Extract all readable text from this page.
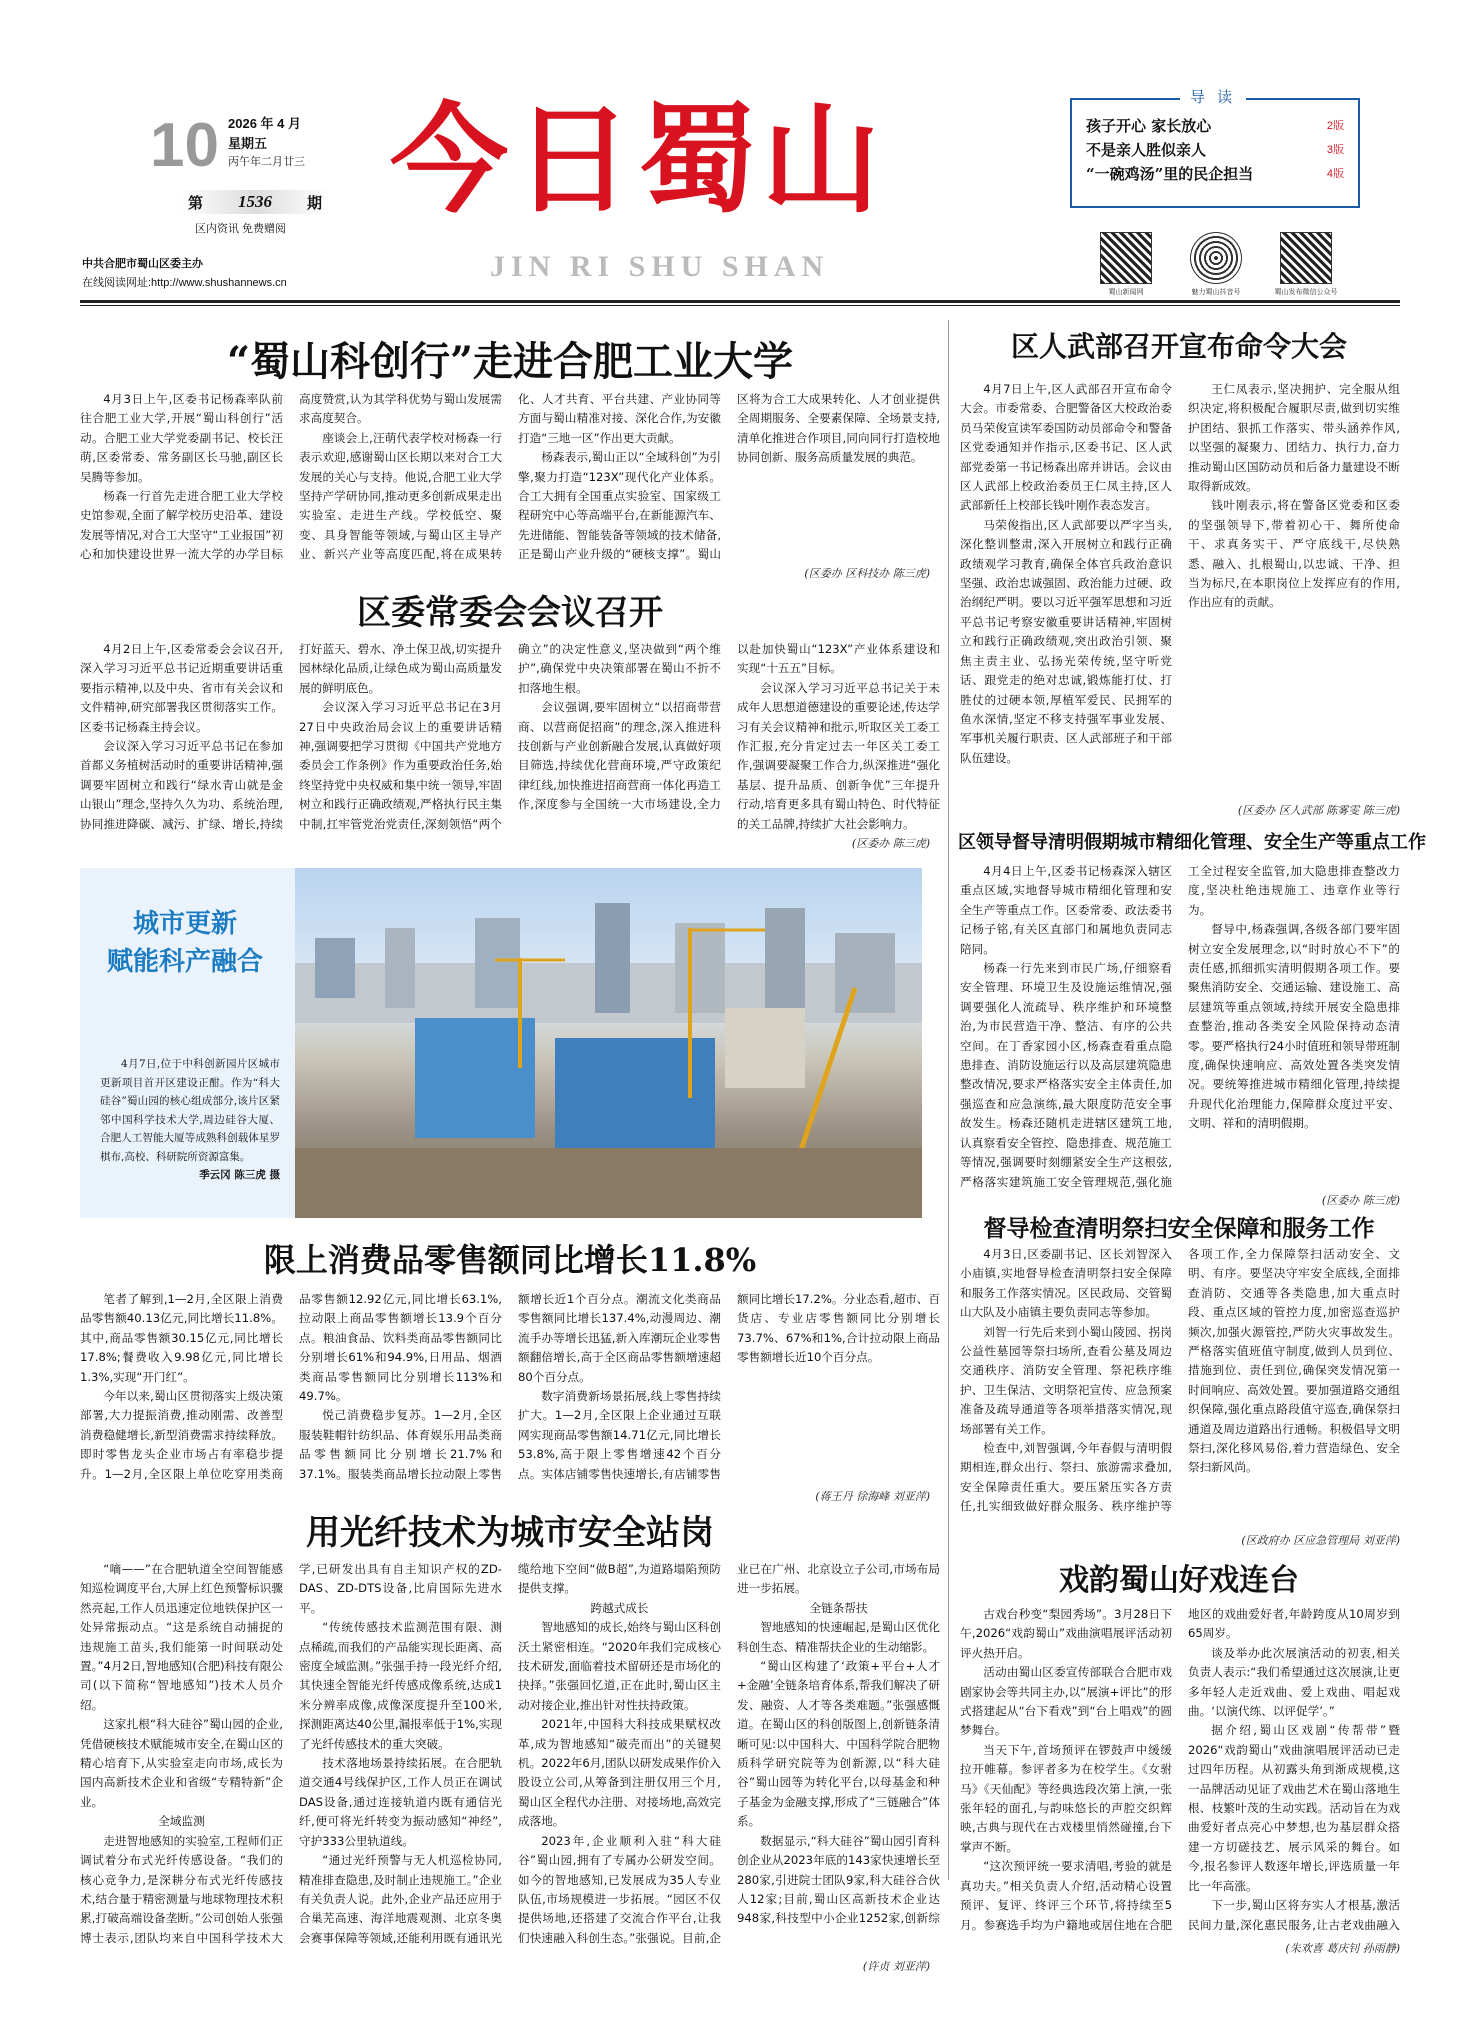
10 2026 年 4 月
星期五
丙午年二月廿三
第 1536 期
区内资讯 免费赠阅
中共合肥市蜀山区委主办
在线阅读网址:http://www.shushannews.cn
今日蜀山
JIN RI SHU SHAN
孩子开心 家长放心	2版
不是亲人胜似亲人	3版
“一碗鸡汤”里的民企担当	4版
导 读
蜀山新闻网	魅力蜀山抖音号	蜀山发布微信公众号
“蜀山科创行”走进合肥工业大学

4月3日上午,区委书记杨森率队前往合肥工业大学,开展“蜀山科创行”活动。合肥工业大学党委副书记、校长汪萌,区委常委、常务副区长马驰,副区长吴腾等参加。

杨森一行首先走进合肥工业大学校史馆参观,全面了解学校历史沿革、建设发展等情况,对合工大坚守“工业报国”初心和加快建设世界一流大学的办学目标高度赞赏,认为其学科优势与蜀山发展需求高度契合。

座谈会上,汪萌代表学校对杨森一行表示欢迎,感谢蜀山区长期以来对合工大发展的关心与支持。他说,合肥工业大学坚持产学研协同,推动更多创新成果走出实验室、走进生产线。学校低空、聚变、具身智能等领域,与蜀山区主导产业、新兴产业等高度匹配,将在成果转化、人才共育、平台共建、产业协同等方面与蜀山精准对接、深化合作,为安徽打造“三地一区”作出更大贡献。

杨森表示,蜀山正以“全域科创”为引擎,聚力打造“123X”现代化产业体系。合工大拥有全国重点实验室、国家级工程研究中心等高端平台,在新能源汽车、先进储能、智能装备等领域的技术储备,正是蜀山产业升级的“硬核支撑”。蜀山区将为合工大成果转化、人才创业提供全周期服务、全要素保障、全场景支持,清单化推进合作项目,同向同行打造校地协同创新、服务高质量发展的典范。

(区委办 区科技办 陈三虎)
区委常委会会议召开

4月2日上午,区委常委会会议召开,深入学习习近平总书记近期重要讲话重要指示精神,以及中央、省市有关会议和文件精神,研究部署我区贯彻落实工作。区委书记杨森主持会议。

会议深入学习习近平总书记在参加首都义务植树活动时的重要讲话精神,强调要牢固树立和践行“绿水青山就是金山银山”理念,坚持久久为功、系统治理,协同推进降碳、减污、扩绿、增长,持续打好蓝天、碧水、净土保卫战,切实提升园林绿化品质,让绿色成为蜀山高质量发展的鲜明底色。

会议深入学习习近平总书记在3月27日中央政治局会议上的重要讲话精神,强调要把学习贯彻《中国共产党地方委员会工作条例》作为重要政治任务,始终坚持党中央权威和集中统一领导,牢固树立和践行正确政绩观,严格执行民主集中制,扛牢管党治党责任,深刻领悟“两个确立”的决定性意义,坚决做到“两个维护”,确保党中央决策部署在蜀山不折不扣落地生根。

会议强调,要牢固树立“以招商带营商、以营商促招商”的理念,深入推进科技创新与产业创新融合发展,认真做好项目筛选,持续优化营商环境,严守政策纪律红线,加快推进招商营商一体化再造工作,深度参与全国统一大市场建设,全力以赴加快蜀山“123X”产业体系建设和实现“十五五”目标。

会议深入学习习近平总书记关于未成年人思想道德建设的重要论述,传达学习有关会议精神和批示,听取区关工委工作汇报,充分肯定过去一年区关工委工作,强调要凝聚工作合力,纵深推进“强化基层、提升品质、创新争优”三年提升行动,培育更多具有蜀山特色、时代特征的关工品牌,持续扩大社会影响力。

(区委办 陈三虎)
城市更新
赋能科产融合

4月7日,位于中科创新园片区城市更新项目首开区建设正酣。作为“科大硅谷”蜀山园的核心组成部分,该片区紧邻中国科学技术大学,周边硅谷大厦、合肥人工智能大厦等成熟科创载体星罗棋布,高校、科研院所资源富集。

季云冈 陈三虎 摄
区人武部召开宣布命令大会

4月7日上午,区人武部召开宣布命令大会。市委常委、合肥警备区大校政治委员马荣俊宣读军委国防动员部命令和警备区党委通知并作指示,区委书记、区人武部党委第一书记杨森出席并讲话。会议由区人武部上校政治委员王仁凤主持,区人武部新任上校部长钱叶刚作表态发言。

马荣俊指出,区人武部要以严字当头,深化整训整肃,深入开展树立和践行正确政绩观学习教育,确保全体官兵政治意识坚强、政治忠诚强固、政治能力过硬、政治纲纪严明。要以习近平强军思想和习近平总书记考察安徽重要讲话精神,牢固树立和践行正确政绩观,突出政治引领、聚焦主责主业、弘扬光荣传统,坚守听党话、跟党走的绝对忠诚,锻炼能打仗、打胜仗的过硬本领,厚植军爱民、民拥军的鱼水深情,坚定不移支持强军事业发展、军事机关履行职责、区人武部班子和干部队伍建设。

王仁凤表示,坚决拥护、完全服从组织决定,将积极配合履职尽责,做到切实维护团结、狠抓工作落实、带头涵养作风,以坚强的凝聚力、团结力、执行力,奋力推动蜀山区国防动员和后备力量建设不断取得新成效。

钱叶刚表示,将在警备区党委和区委的坚强领导下,带着初心干、舞所使命干、求真务实干、严守底线干,尽快熟悉、融入、扎根蜀山,以忠诚、干净、担当为标尺,在本职岗位上发挥应有的作用,作出应有的贡献。

(区委办 区人武部 陈雾雯 陈三虎)
区领导督导清明假期城市精细化管理、安全生产等重点工作

4月4日上午,区委书记杨森深入辖区重点区域,实地督导城市精细化管理和安全生产等重点工作。区委常委、政法委书记杨子铭,有关区直部门和属地负责同志陪同。

杨森一行先来到市民广场,仔细察看安全管理、环境卫生及设施运维情况,强调要强化人流疏导、秩序维护和环境整治,为市民营造干净、整洁、有序的公共空间。在丁香家园小区,杨森查看重点隐患排查、消防设施运行以及高层建筑隐患整改情况,要求严格落实安全主体责任,加强巡查和应急演练,最大限度防范安全事故发生。杨森还随机走进辖区建筑工地,认真察看安全管控、隐患排查、规范施工等情况,强调要时刻绷紧安全生产这根弦,严格落实建筑施工安全管理规范,强化施工全过程安全监管,加大隐患排查整改力度,坚决杜绝违规施工、违章作业等行为。

督导中,杨森强调,各级各部门要牢固树立安全发展理念,以“时时放心不下”的责任感,抓细抓实清明假期各项工作。要聚焦消防安全、交通运输、建设施工、高层建筑等重点领域,持续开展安全隐患排查整治,推动各类安全风险保持动态清零。要严格执行24小时值班和领导带班制度,确保快速响应、高效处置各类突发情况。要统筹推进城市精细化管理,持续提升现代化治理能力,保障群众度过平安、文明、祥和的清明假期。

(区委办 陈三虎)
督导检查清明祭扫安全保障和服务工作

4月3日,区委副书记、区长刘智深入小庙镇,实地督导检查清明祭扫安全保障和服务工作落实情况。区民政局、交管蜀山大队及小庙镇主要负责同志等参加。

刘智一行先后来到小蜀山陵园、拐岗公益性墓园等祭扫场所,查看公墓及周边交通秩序、消防安全管理、祭祀秩序维护、卫生保洁、文明祭祀宣传、应急预案准备及疏导通道等各项举措落实情况,现场部署有关工作。

检查中,刘智强调,今年春假与清明假期相连,群众出行、祭扫、旅游需求叠加,安全保障责任重大。要压紧压实各方责任,扎实细致做好群众服务、秩序维护等各项工作,全力保障祭扫活动安全、文明、有序。要坚决守牢安全底线,全面排查消防、交通等各类隐患,加大重点时段、重点区域的管控力度,加密巡查巡护频次,加强火源管控,严防火灾事故发生。严格落实值班值守制度,做到人员到位、措施到位、责任到位,确保突发情况第一时间响应、高效处置。要加强道路交通组织保障,强化重点路段值守巡查,确保祭扫通道及周边道路出行通畅。积极倡导文明祭扫,深化移风易俗,着力营造绿色、安全祭扫新风尚。

(区政府办 区应急管理局 刘亚萍)
戏韵蜀山好戏连台

古戏台秒变“梨园秀场”。3月28日下午,2026“戏韵蜀山”戏曲演唱展评活动初评火热开启。

活动由蜀山区委宣传部联合合肥市戏剧家协会等共同主办,以“展演+评比”的形式搭建起从“台下看戏”到“台上唱戏”的圆梦舞台。

当天下午,首场预评在锣鼓声中缓缓拉开帷幕。参评者多为在校学生。《女驸马》《天仙配》等经典选段次第上演,一张张年轻的面孔,与韵味悠长的声腔交织辉映,古典与现代在古戏楼里悄然碰撞,台下掌声不断。

“这次预评统一要求清唱,考验的就是真功夫。”相关负责人介绍,活动精心设置预评、复评、终评三个环节,将持续至5月。参赛选手均为户籍地或居住地在合肥地区的戏曲爱好者,年龄跨度从10周岁到65周岁。

谈及举办此次展演活动的初衷,相关负责人表示:“我们希望通过这次展演,让更多年轻人走近戏曲、爱上戏曲、唱起戏曲。‘以演代练、以评促学’。”

据介绍,蜀山区戏剧“传帮带”暨2026“戏韵蜀山”戏曲演唱展评活动已走过四年历程。从初露头角到渐成规模,这一品牌活动见证了戏曲艺术在蜀山落地生根、枝繁叶茂的生动实践。活动旨在为戏曲爱好者点亮心中梦想,也为基层群众搭建一方切磋技艺、展示风采的舞台。如今,报名参评人数逐年增长,评选质量一年比一年高涨。

下一步,蜀山区将夯实人才根基,激活民间力量,深化惠民服务,让古老戏曲融入

(朱欢喜 葛庆钊 孙雨静)
限上消费品零售额同比增长11.8%

笔者了解到,1—2月,全区限上消费品零售额40.13亿元,同比增长11.8%。其中,商品零售额30.15亿元,同比增长17.8%;餐费收入9.98亿元,同比增长1.3%,实现“开门红”。

今年以来,蜀山区贯彻落实上级决策部署,大力提振消费,推动刚需、改善型消费稳健增长,新型消费需求持续释放。即时零售龙头企业市场占有率稳步提升。1—2月,全区限上单位吃穿用类商品零售额12.92亿元,同比增长63.1%,拉动限上商品零售额增长13.9个百分点。粮油食品、饮料类商品零售额同比分别增长61%和94.9%,日用品、烟酒类商品零售额同比分别增长113%和49.7%。

悦己消费稳步复苏。1—2月,全区服装鞋帽针纺织品、体育娱乐用品类商品零售额同比分别增长21.7%和37.1%。服装类商品增长拉动限上零售额增长近1个百分点。潮流文化类商品零售额同比增长137.4%,动漫周边、潮流手办等增长迅猛,新入库潮玩企业零售额翻倍增长,高于全区商品零售额增速超80个百分点。

数字消费新场景拓展,线上零售持续扩大。1—2月,全区限上企业通过互联网实现商品零售额14.71亿元,同比增长53.8%,高于限上零售增速42个百分点。实体店铺零售快速增长,有店铺零售额同比增长17.2%。分业态看,超市、百货店、专业店零售额同比分别增长73.7%、67%和1%,合计拉动限上商品零售额增长近10个百分点。

(蒋王丹 徐海峰 刘亚萍)
用光纤技术为城市安全站岗

“嘀——”在合肥轨道全空间智能感知巡检调度平台,大屏上红色预警标识骤然亮起,工作人员迅速定位地铁保护区一处异常振动点。“这是系统自动捕捉的违规施工苗头,我们能第一时间联动处置。”4月2日,智地感知(合肥)科技有限公司(以下简称“智地感知”)技术人员介绍。

这家扎根“科大硅谷”蜀山园的企业,凭借硬核技术赋能城市安全,在蜀山区的精心培育下,从实验室走向市场,成长为国内高新技术企业和省级“专精特新”企业。

全域监测

走进智地感知的实验室,工程师们正调试着分布式光纤传感设备。“我们的核心竞争力,是深耕分布式光纤传感技术,结合量于精密测量与地球物理技术积累,打破高端设备垄断。”公司创始人张强博士表示,团队均来自中国科学技术大学,已研发出具有自主知识产权的ZD-DAS、ZD-DTS设备,比肩国际先进水平。

“传统传感技术监测范围有限、测点稀疏,而我们的产品能实现长距离、高密度全域监测。”张强手持一段光纤介绍,其快速全智能光纤传感成像系统,达成1米分辨率成像,成像深度提升至100米,探测距离达40公里,漏报率低于1%,实现了光纤传感技术的重大突破。

技术落地场景持续拓展。在合肥轨道交通4号线保护区,工作人员正在调试DAS设备,通过连接轨道内既有通信光纤,便可将光纤转变为振动感知“神经”,守护333公里轨道线。

“通过光纤预警与无人机巡检协同,精准排查隐患,及时制止违规施工。”企业有关负责人说。此外,企业产品还应用于合巢芜高速、海洋地震观测、北京冬奥会赛事保障等领域,还能利用既有通讯光缆给地下空间“做B超”,为道路塌陷预防提供支撑。

跨越式成长

智地感知的成长,始终与蜀山区科创沃土紧密相连。“2020年我们完成核心技术研发,面临着技术留研还是市场化的抉择。”张强回忆道,正在此时,蜀山区主动对接企业,推出针对性扶持政策。

2021年,中国科大科技成果赋权改革,成为智地感知“破壳而出”的关键契机。2022年6月,团队以研发成果作价入股设立公司,从筹备到注册仅用三个月,蜀山区全程代办注册、对接场地,高效完成落地。

2023年,企业顺利入驻“科大硅谷”蜀山园,拥有了专属办公研发空间。如今的智地感知,已发展成为35人专业队伍,市场规模进一步拓展。“园区不仅提供场地,还搭建了交流合作平台,让我们快速融入科创生态。”张强说。目前,企业已在广州、北京设立子公司,市场布局进一步拓展。

全链条帮扶

智地感知的快速崛起,是蜀山区优化科创生态、精准帮扶企业的生动缩影。

“蜀山区构建了‘政策+平台+人才+金融’全链条培育体系,帮我们解决了研发、融资、人才等各类难题。”张强感慨道。在蜀山区的科创版图上,创新链条清晰可见:以中国科大、中国科学院合肥物质科学研究院等为创新源,以“科大硅谷”蜀山园等为转化平台,以母基金和种子基金为金融支撑,形成了“三链融合”体系。

数据显示,“科大硅谷”蜀山园引育科创企业从2023年底的143家快速增长至280家,引进院士团队9家,科大硅谷合伙人12家;目前,蜀山区高新技术企业达948家,科技型中小企业1252家,创新综

(许贞 刘亚萍)
